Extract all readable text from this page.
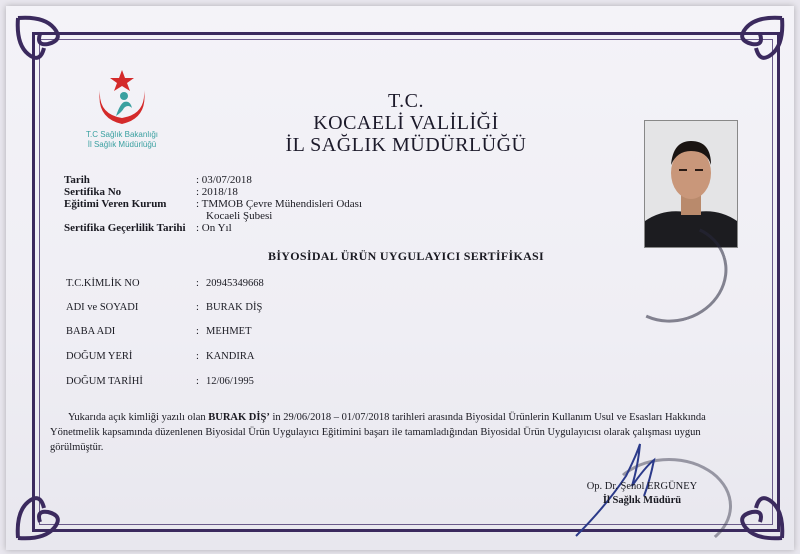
T.C Sağlık Bakanlığı
İl Sağlık Müdürlüğü
T.C.
KOCAELİ VALİLİĞİ
İL SAĞLIK MÜDÜRLÜĞÜ
Tarih	: 03/07/2018
Sertifika No	: 2018/18
Eğitimi Veren Kurum	: TMMOB Çevre Mühendisleri Odası
Kocaeli Şubesi
Sertifika Geçerlilik Tarihi : On Yıl
BİYOSİDAL ÜRÜN UYGULAYICI SERTİFİKASI
T.C.KİMLİK NO	: 20945349668
ADI ve SOYADI	: BURAK DİŞ
BABA ADI	: MEHMET
DOĞUM YERİ	: KANDIRA
DOĞUM TARİHİ	: 12/06/1995
Yukarıda açık kimliği yazılı olan BURAK DİŞ’ in 29/06/2018 – 01/07/2018 tarihleri arasında Biyosidal Ürünlerin Kullanım Usul ve Esasları Hakkında Yönetmelik kapsamında düzenlenen Biyosidal Ürün Uygulayıcı Eğitimini başarı ile tamamladığından Biyosidal Ürün Uygulayıcısı olarak çalışması uygun görülmüştür.
Op. Dr. Şenol ERGÜNEY
İl Sağlık Müdürü
